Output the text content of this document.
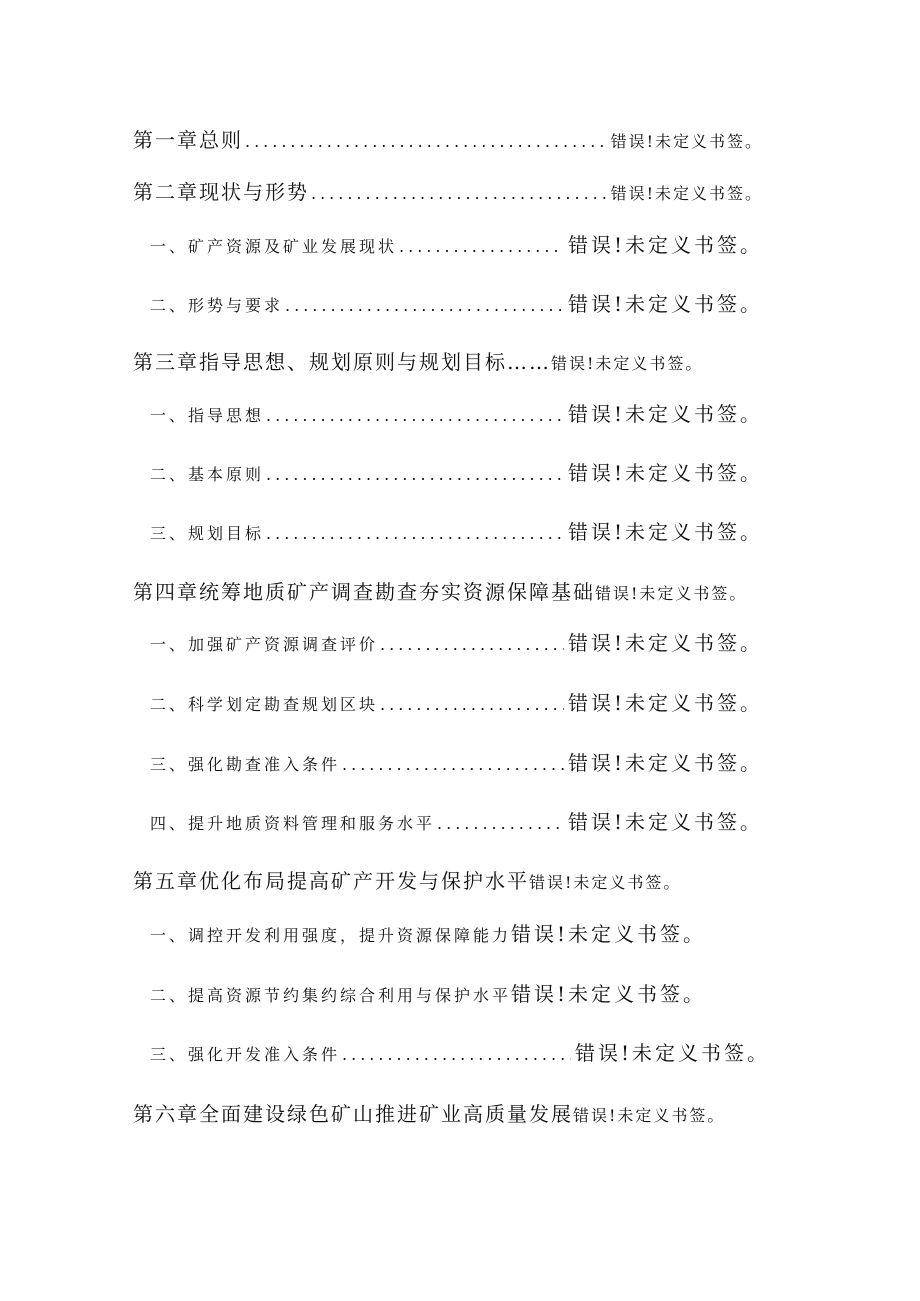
第一章总则 .....	错误!未定义书签。
第二章现状与形势 .....	错误!未定义书签。
一、矿产资源及矿业发展现状 .....	错误!未定义书签。
二、形势与要求 .....	错误!未定义书签。
第三章指导思想、规划原则与规划目标…… 错误!未定义书签。
一、指导思想 .....	错误!未定义书签。
二、基本原则 .....	错误!未定义书签。
三、规划目标 .....	错误!未定义书签。
第四章统筹地质矿产调查勘查夯实资源保障基础 错误!未定义书签。
一、加强矿产资源调查评价 .....	错误!未定义书签。
二、科学划定勘查规划区块 .....	错误!未定义书签。
三、强化勘查准入条件 .....	错误!未定义书签。
四、提升地质资料管理和服务水平 .....	错误!未定义书签。
第五章优化布局提高矿产开发与保护水平 错误!未定义书签。
一、调控开发利用强度，提升资源保障能力 错误!未定义书签。
二、提高资源节约集约综合利用与保护水平 错误!未定义书签。
三、强化开发准入条件 .....	错误!未定义书签。
第六章全面建设绿色矿山推进矿业高质量发展 错误!未定义书签。
